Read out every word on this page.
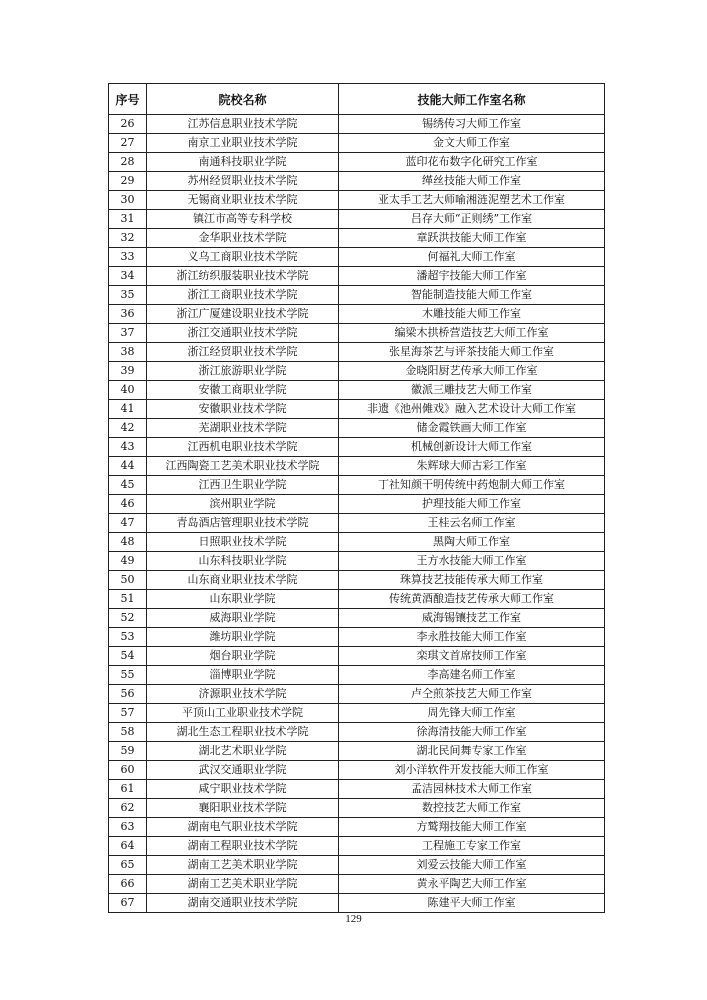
序号	院校名称	技能大师工作室名称
26	江苏信息职业技术学院	锡绣传习大师工作室
27	南京工业职业技术学院	金文大师工作室
28	南通科技职业学院	蓝印花布数字化研究工作室
29	苏州经贸职业技术学院	缂丝技能大师工作室
30	无锡商业职业技术学院	亚太手工艺大师喻湘涟泥塑艺术工作室
31	镇江市高等专科学校	吕存大师“正则绣”工作室
32	金华职业技术学院	章跃洪技能大师工作室
33	义乌工商职业技术学院	何福礼大师工作室
34	浙江纺织服装职业技术学院	潘超宇技能大师工作室
35	浙江工商职业技术学院	智能制造技能大师工作室
36	浙江广厦建设职业技术学院	木雕技能大师工作室
37	浙江交通职业技术学院	编梁木拱桥营造技艺大师工作室
38	浙江经贸职业技术学院	张星海茶艺与评茶技能大师工作室
39	浙江旅游职业学院	金晓阳厨艺传承大师工作室
40	安徽工商职业学院	徽派三雕技艺大师工作室
41	安徽职业技术学院	非遗《池州傩戏》融入艺术设计大师工作室
42	芜湖职业技术学院	储金霞铁画大师工作室
43	江西机电职业技术学院	机械创新设计大师工作室
44	江西陶瓷工艺美术职业技术学院	朱辉球大师古彩工作室
45	江西卫生职业学院	丁社知颜干明传统中药炮制大师工作室
46	滨州职业学院	护理技能大师工作室
47	青岛酒店管理职业技术学院	王桂云名师工作室
48	日照职业技术学院	黑陶大师工作室
49	山东科技职业学院	王方水技能大师工作室
50	山东商业职业技术学院	珠算技艺技能传承大师工作室
51	山东职业学院	传统黄酒酿造技艺传承大师工作室
52	威海职业学院	威海锡镶技艺工作室
53	潍坊职业学院	李永胜技能大师工作室
54	烟台职业学院	栾琪文首席技师工作室
55	淄博职业学院	李高建名师工作室
56	济源职业技术学院	卢仝煎茶技艺大师工作室
57	平顶山工业职业技术学院	周先锋大师工作室
58	湖北生态工程职业技术学院	徐海清技能大师工作室
59	湖北艺术职业学院	湖北民间舞专家工作室
60	武汉交通职业学院	刘小洋软件开发技能大师工作室
61	咸宁职业技术学院	孟洁园林技术大师工作室
62	襄阳职业技术学院	数控技艺大师工作室
63	湖南电气职业技术学院	方鹫翔技能大师工作室
64	湖南工程职业技术学院	工程施工专家工作室
65	湖南工艺美术职业学院	刘爱云技能大师工作室
66	湖南工艺美术职业学院	黄永平陶艺大师工作室
67	湖南交通职业技术学院	陈建平大师工作室
129
